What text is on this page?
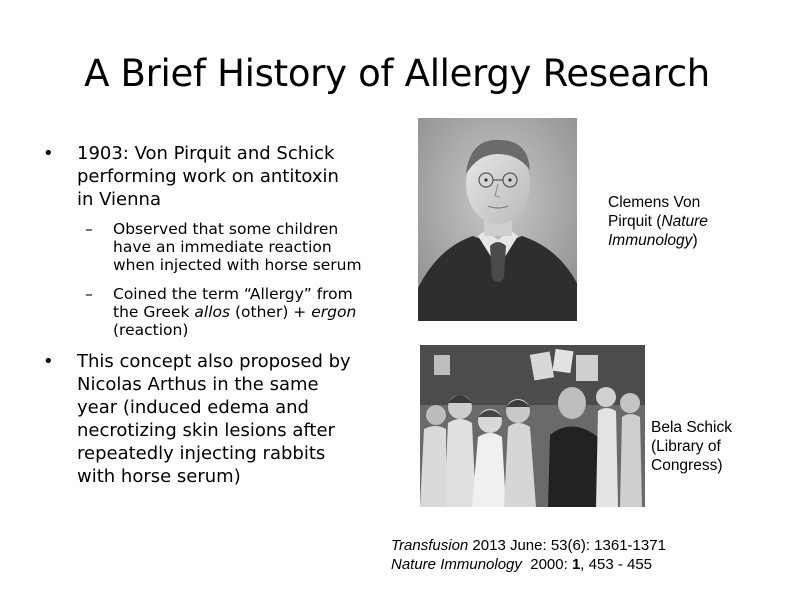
A Brief History of Allergy Research
• 1903: Von Pirquit and Schick
performing work on antitoxin
in Vienna
– Observed that some children
have an immediate reaction
when injected with horse serum
– Coined the term “Allergy” from
the Greek allos (other) + ergon
(reaction)
• This concept also proposed by
Nicolas Arthus in the same
year (induced edema and
necrotizing skin lesions after
repeatedly injecting rabbits
with horse serum)
Clemens Von
Pirquit (Nature
Immunology)
Bela Schick
(Library of
Congress)
Transfusion 2013 June: 53(6): 1361-1371
Nature Immunology  2000: 1, 453 - 455
